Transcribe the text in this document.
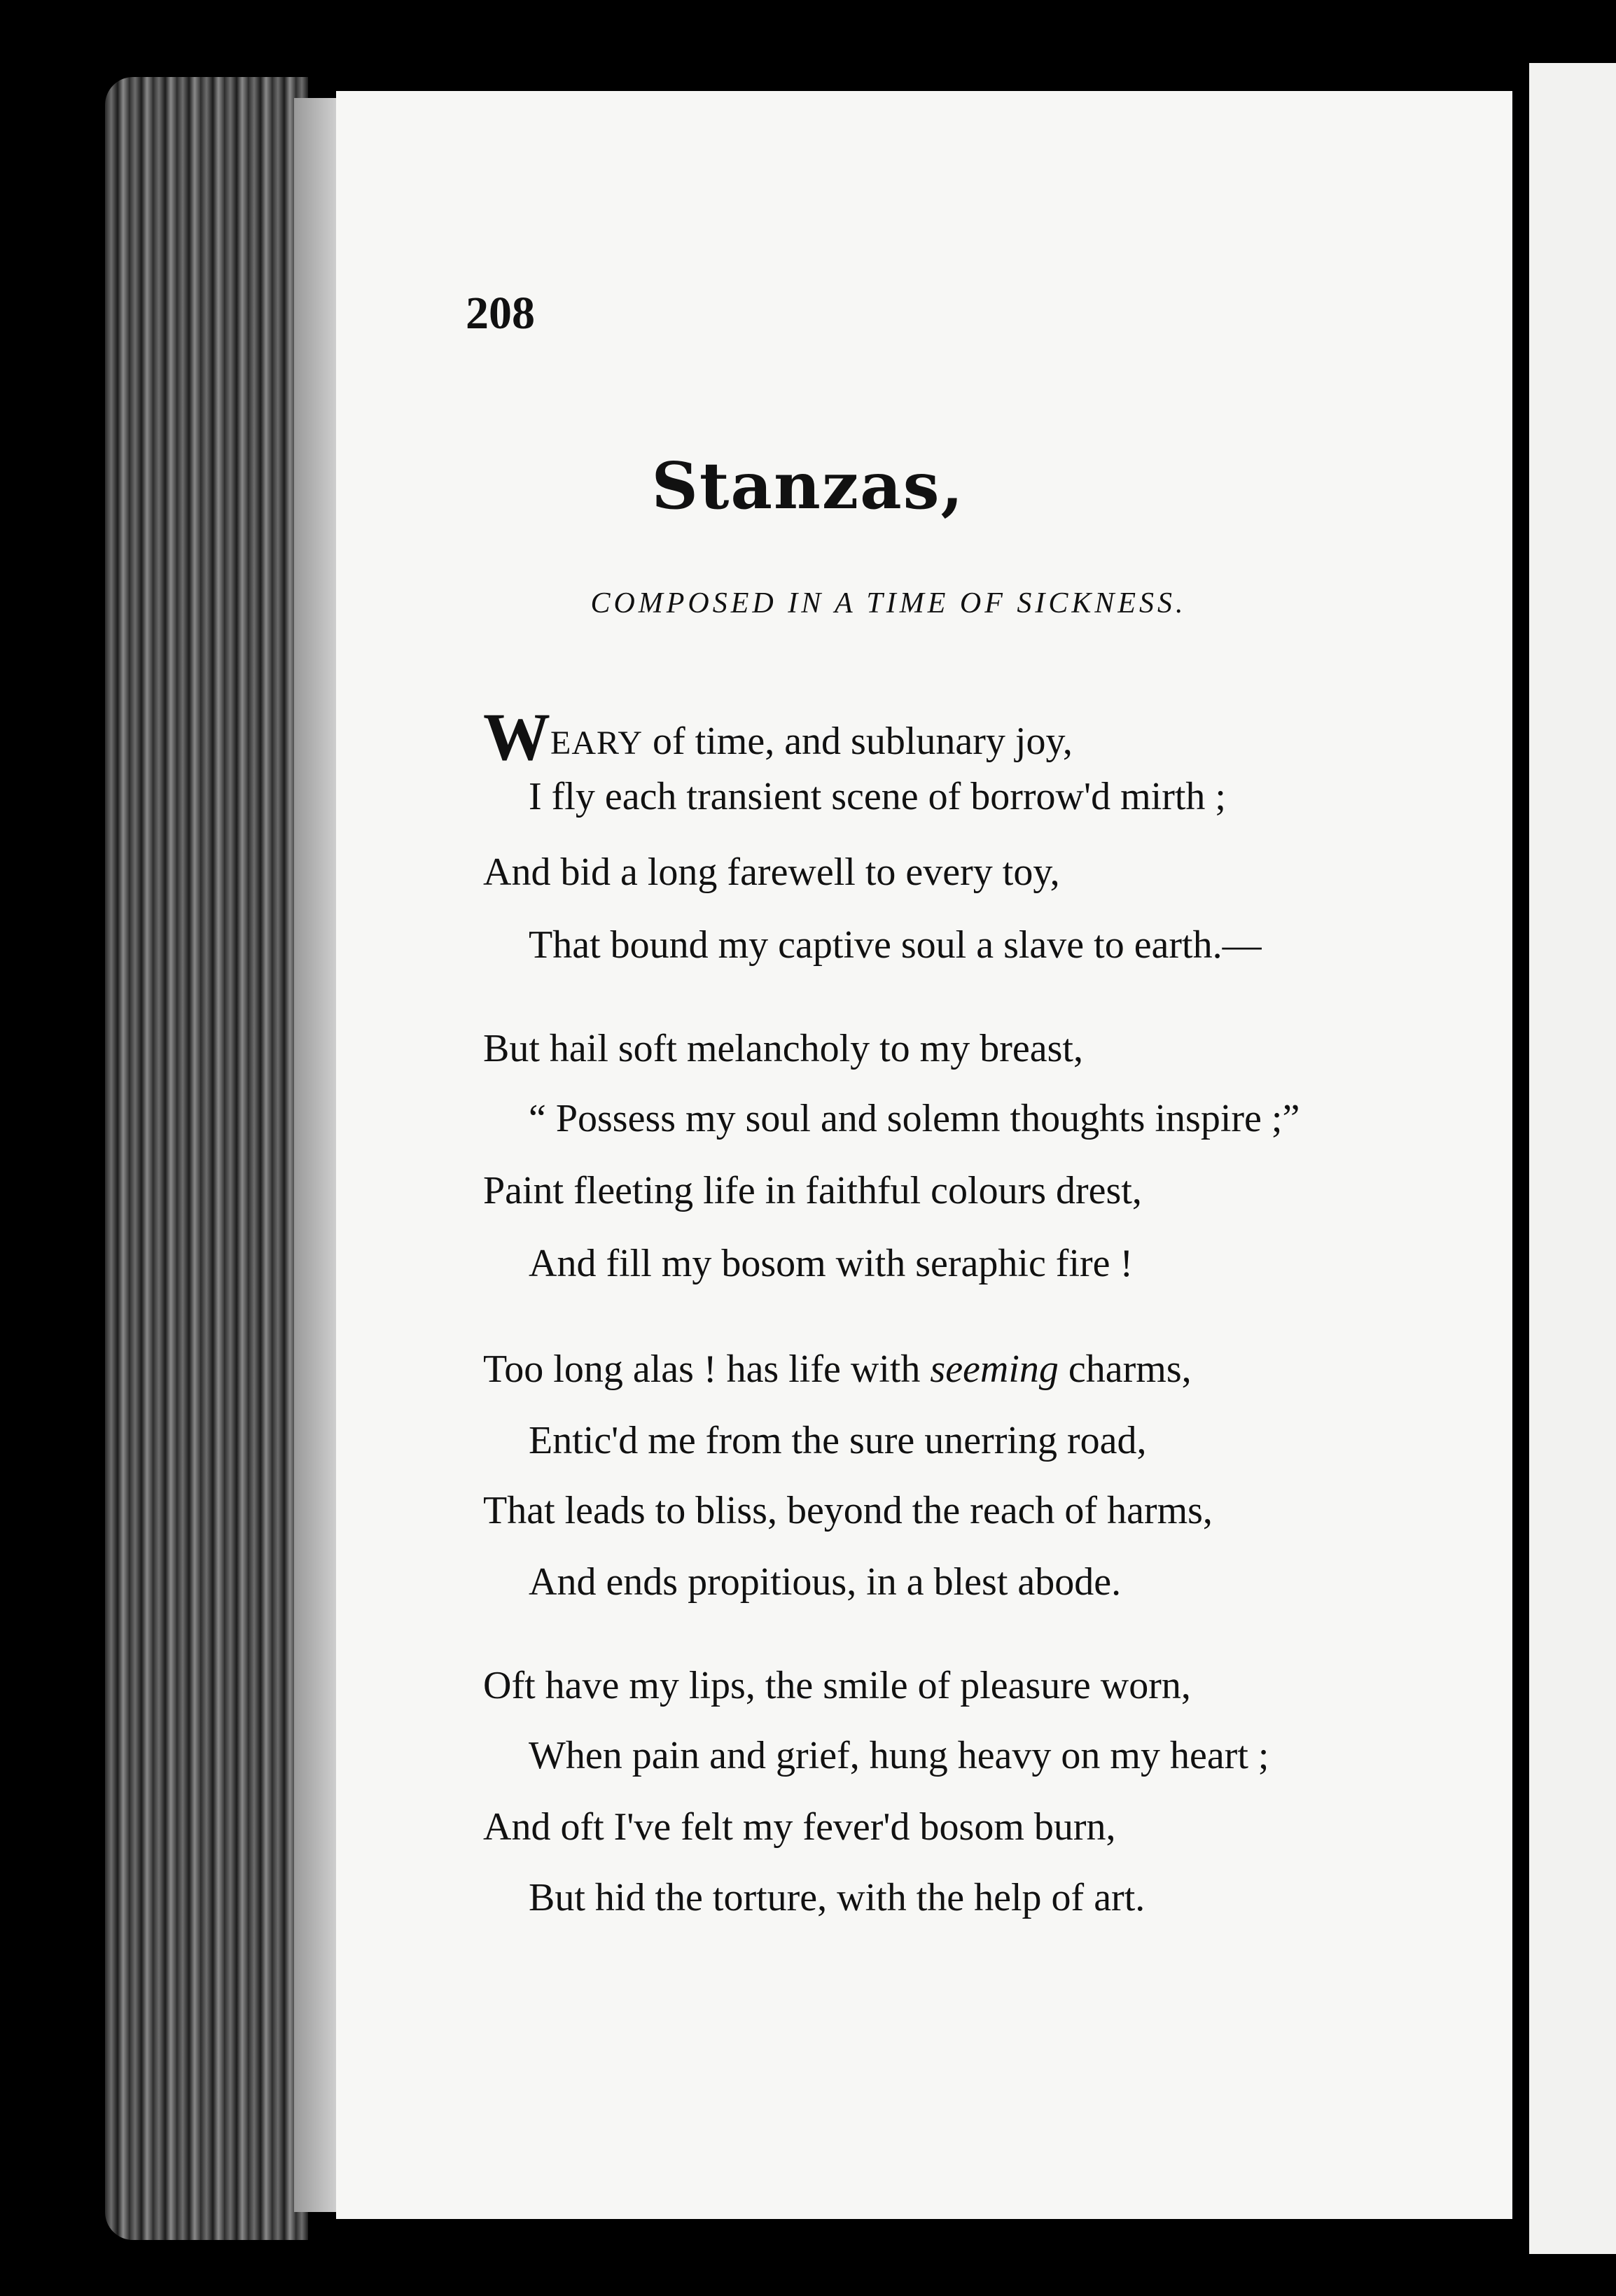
208
Stanzas,
COMPOSED IN A TIME OF SICKNESS.
WEARY of time, and sublunary joy,
I fly each transient scene of borrow'd mirth ;
And bid a long farewell to every toy,
That bound my captive soul a slave to earth.—
But hail soft melancholy to my breast,
“ Possess my soul and solemn thoughts inspire ;”
Paint fleeting life in faithful colours drest,
And fill my bosom with seraphic fire !
Too long alas ! has life with seeming charms,
Entic'd me from the sure unerring road,
That leads to bliss, beyond the reach of harms,
And ends propitious, in a blest abode.
Oft have my lips, the smile of pleasure worn,
When pain and grief, hung heavy on my heart ;
And oft I've felt my fever'd bosom burn,
But hid the torture, with the help of art.
